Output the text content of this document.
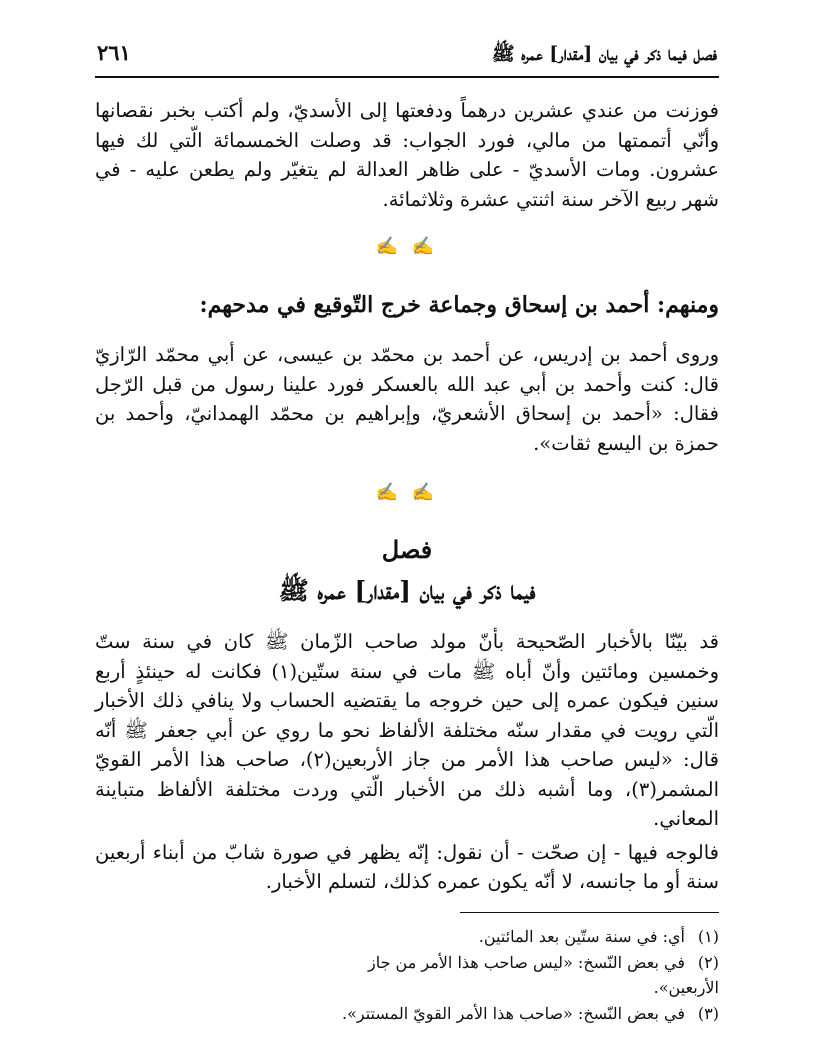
فصل فيما ذكر في بيان [مقدار] عمره ﷺ
٢٦١

فوزنت من عندي عشرين درهماً ودفعتها إلى الأسديّ، ولم أكتب بخبر نقصانها وأنّي أتممتها من مالي، فورد الجواب: قد وصلت الخمسمائة الّتي لك فيها عشرون. ومات الأسديّ - على ظاهر العدالة لم يتغيّر ولم يطعن عليه - في شهر ربيع الآخر سنة اثنتي عشرة وثلاثمائة.

✍ ✍
ومنهم: أحمد بن إسحاق وجماعة خرج التّوقيع في مدحهم:

وروى أحمد بن إدريس، عن أحمد بن محمّد بن عيسى، عن أبي محمّد الرّازيّ قال: كنت وأحمد بن أبي عبد الله بالعسكر فورد علينا رسول من قبل الرّجل فقال: «أحمد بن إسحاق الأشعريّ، وإبراهيم بن محمّد الهمدانيّ، وأحمد بن حمزة بن اليسع ثقات».

✍ ✍
فصل
فيما ذكر في بيان [مقدار] عمره ﷺ

قد بيّنّا بالأخبار الصّحيحة بأنّ مولد صاحب الزّمان ﷺ كان في سنة ستّ وخمسين ومائتين وأنّ أباه ﷺ مات في سنة ستّين(١) فكانت له حينئذٍ أربع سنين فيكون عمره إلى حين خروجه ما يقتضيه الحساب ولا ينافي ذلك الأخبار الّتي رويت في مقدار سنّه مختلفة الألفاظ نحو ما روي عن أبي جعفر ﷺ أنّه قال: «ليس صاحب هذا الأمر من جاز الأربعين(٢)، صاحب هذا الأمر القويّ المشمر(٣)، وما أشبه ذلك من الأخبار الّتي وردت مختلفة الألفاظ متباينة المعاني.

فالوجه فيها - إن صحّت - أن نقول: إنّه يظهر في صورة شابّ من أبناء أربعين سنة أو ما جانسه، لا أنّه يكون عمره كذلك، لتسلم الأخبار.

(١)أي: في سنة ستّين بعد المائتين.
(٢)في بعض النّسخ: «ليس صاحب هذا الأمر من جاز الأربعين».
(٣)في بعض النّسخ: «صاحب هذا الأمر القويّ المستتر».
